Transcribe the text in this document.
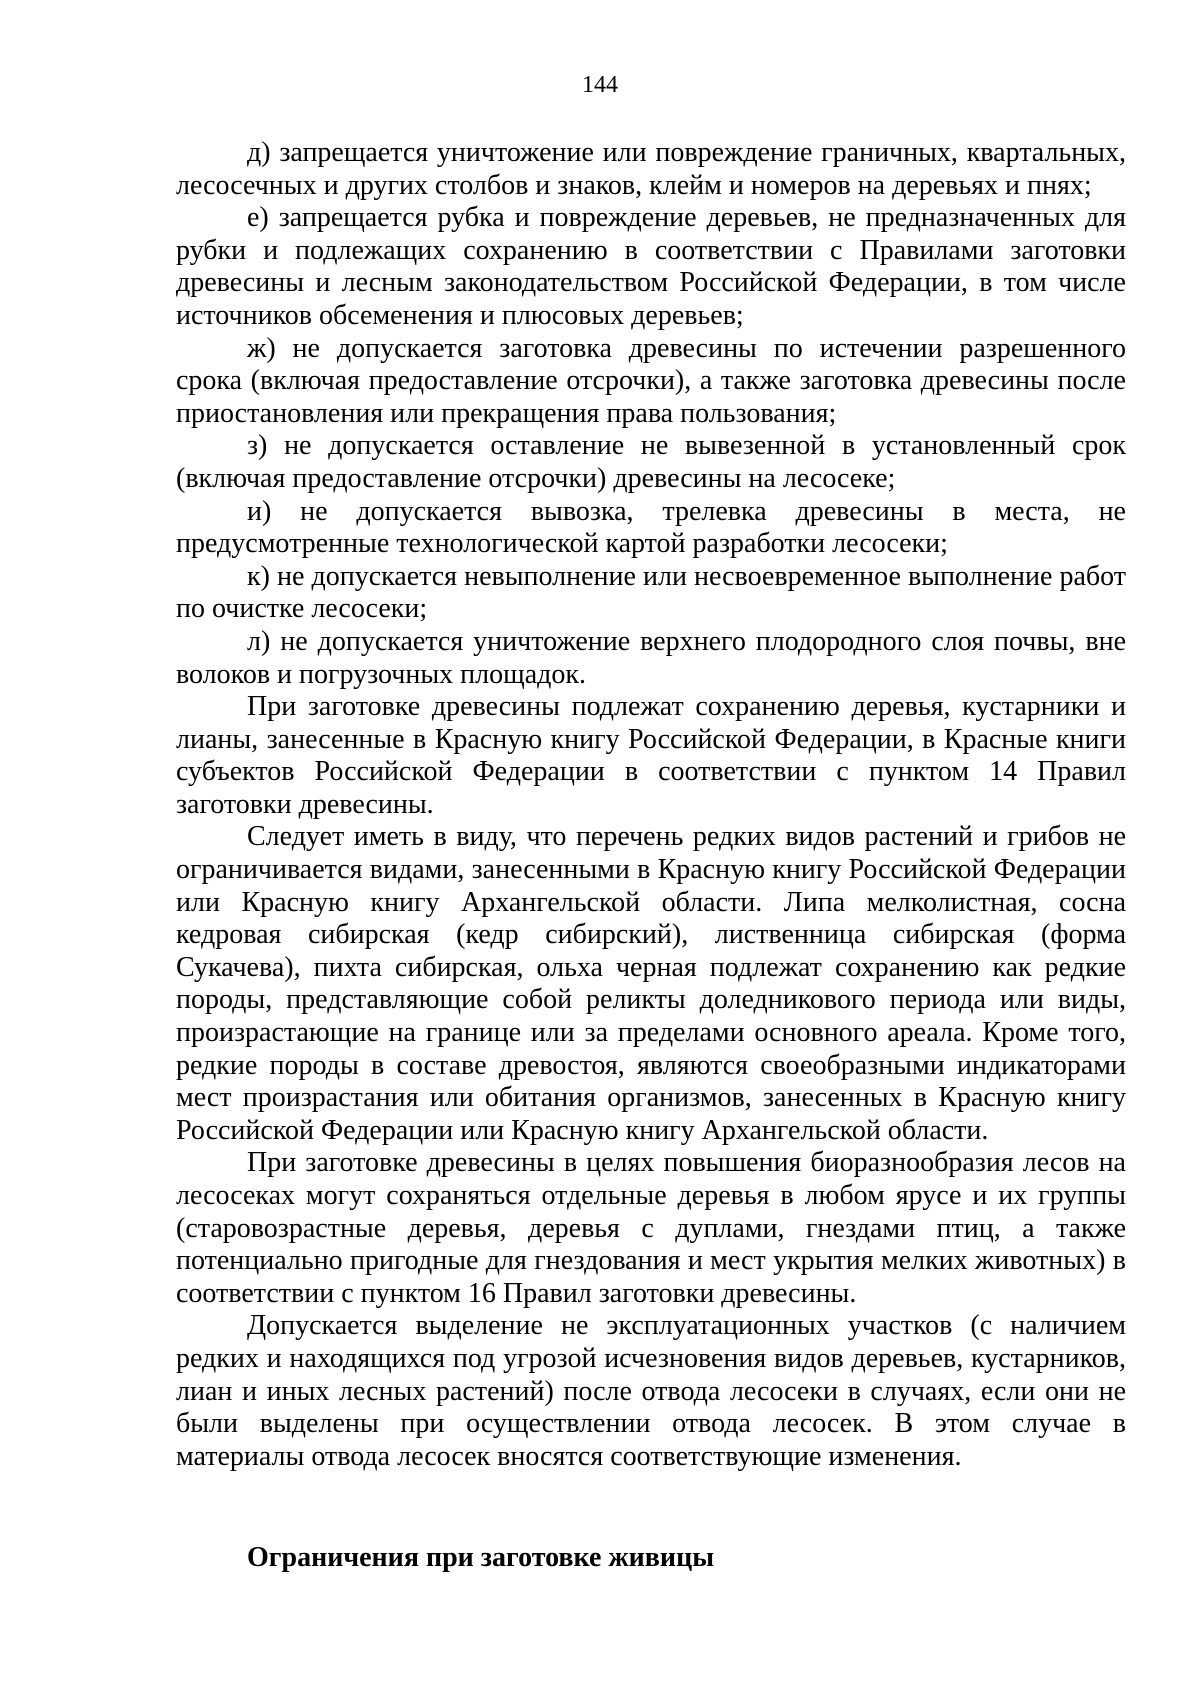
144

д) запрещается уничтожение или повреждение граничных, квартальных, лесосечных и других столбов и знаков, клейм и номеров на деревьях и пнях;

е) запрещается рубка и повреждение деревьев, не предназначенных для рубки и подлежащих сохранению в соответствии с Правилами заготовки древесины и лесным законодательством Российской Федерации, в том числе источников обсеменения и плюсовых деревьев;

ж) не допускается заготовка древесины по истечении разрешенного срока (включая предоставление отсрочки), а также заготовка древесины после приостановления или прекращения права пользования;

з) не допускается оставление не вывезенной в установленный срок (включая предоставление отсрочки) древесины на лесосеке;

и) не допускается вывозка, трелевка древесины в места, не предусмотренные технологической картой разработки лесосеки;

к) не допускается невыполнение или несвоевременное выполнение работ по очистке лесосеки;

л) не допускается уничтожение верхнего плодородного слоя почвы, вне волоков и погрузочных площадок.

При заготовке древесины подлежат сохранению деревья, кустарники и лианы, занесенные в Красную книгу Российской Федерации, в Красные книги субъектов Российской Федерации в соответствии с пунктом 14 Правил заготовки древесины.

Следует иметь в виду, что перечень редких видов растений и грибов не ограничивается видами, занесенными в Красную книгу Российской Федерации или Красную книгу Архангельской области. Липа мелколистная, сосна кедровая сибирская (кедр сибирский), лиственница сибирская (форма Сукачева), пихта сибирская, ольха черная подлежат сохранению как редкие породы, представляющие собой реликты доледникового периода или виды, произрастающие на границе или за пределами основного ареала. Кроме того, редкие породы в составе древостоя, являются своеобразными индикаторами мест произрастания или обитания организмов, занесенных в Красную книгу Российской Федерации или Красную книгу Архангельской области.

При заготовке древесины в целях повышения биоразнообразия лесов на лесосеках могут сохраняться отдельные деревья в любом ярусе и их группы (старовозрастные деревья, деревья с дуплами, гнездами птиц, а также потенциально пригодные для гнездования и мест укрытия мелких животных) в соответствии с пунктом 16 Правил заготовки древесины.

Допускается выделение не эксплуатационных участков (с наличием редких и находящихся под угрозой исчезновения видов деревьев, кустарников, лиан и иных лесных растений) после отвода лесосеки в случаях, если они не были выделены при осуществлении отвода лесосек. В этом случае в материалы отвода лесосек вносятся соответствующие изменения.

Ограничения при заготовке живицы
